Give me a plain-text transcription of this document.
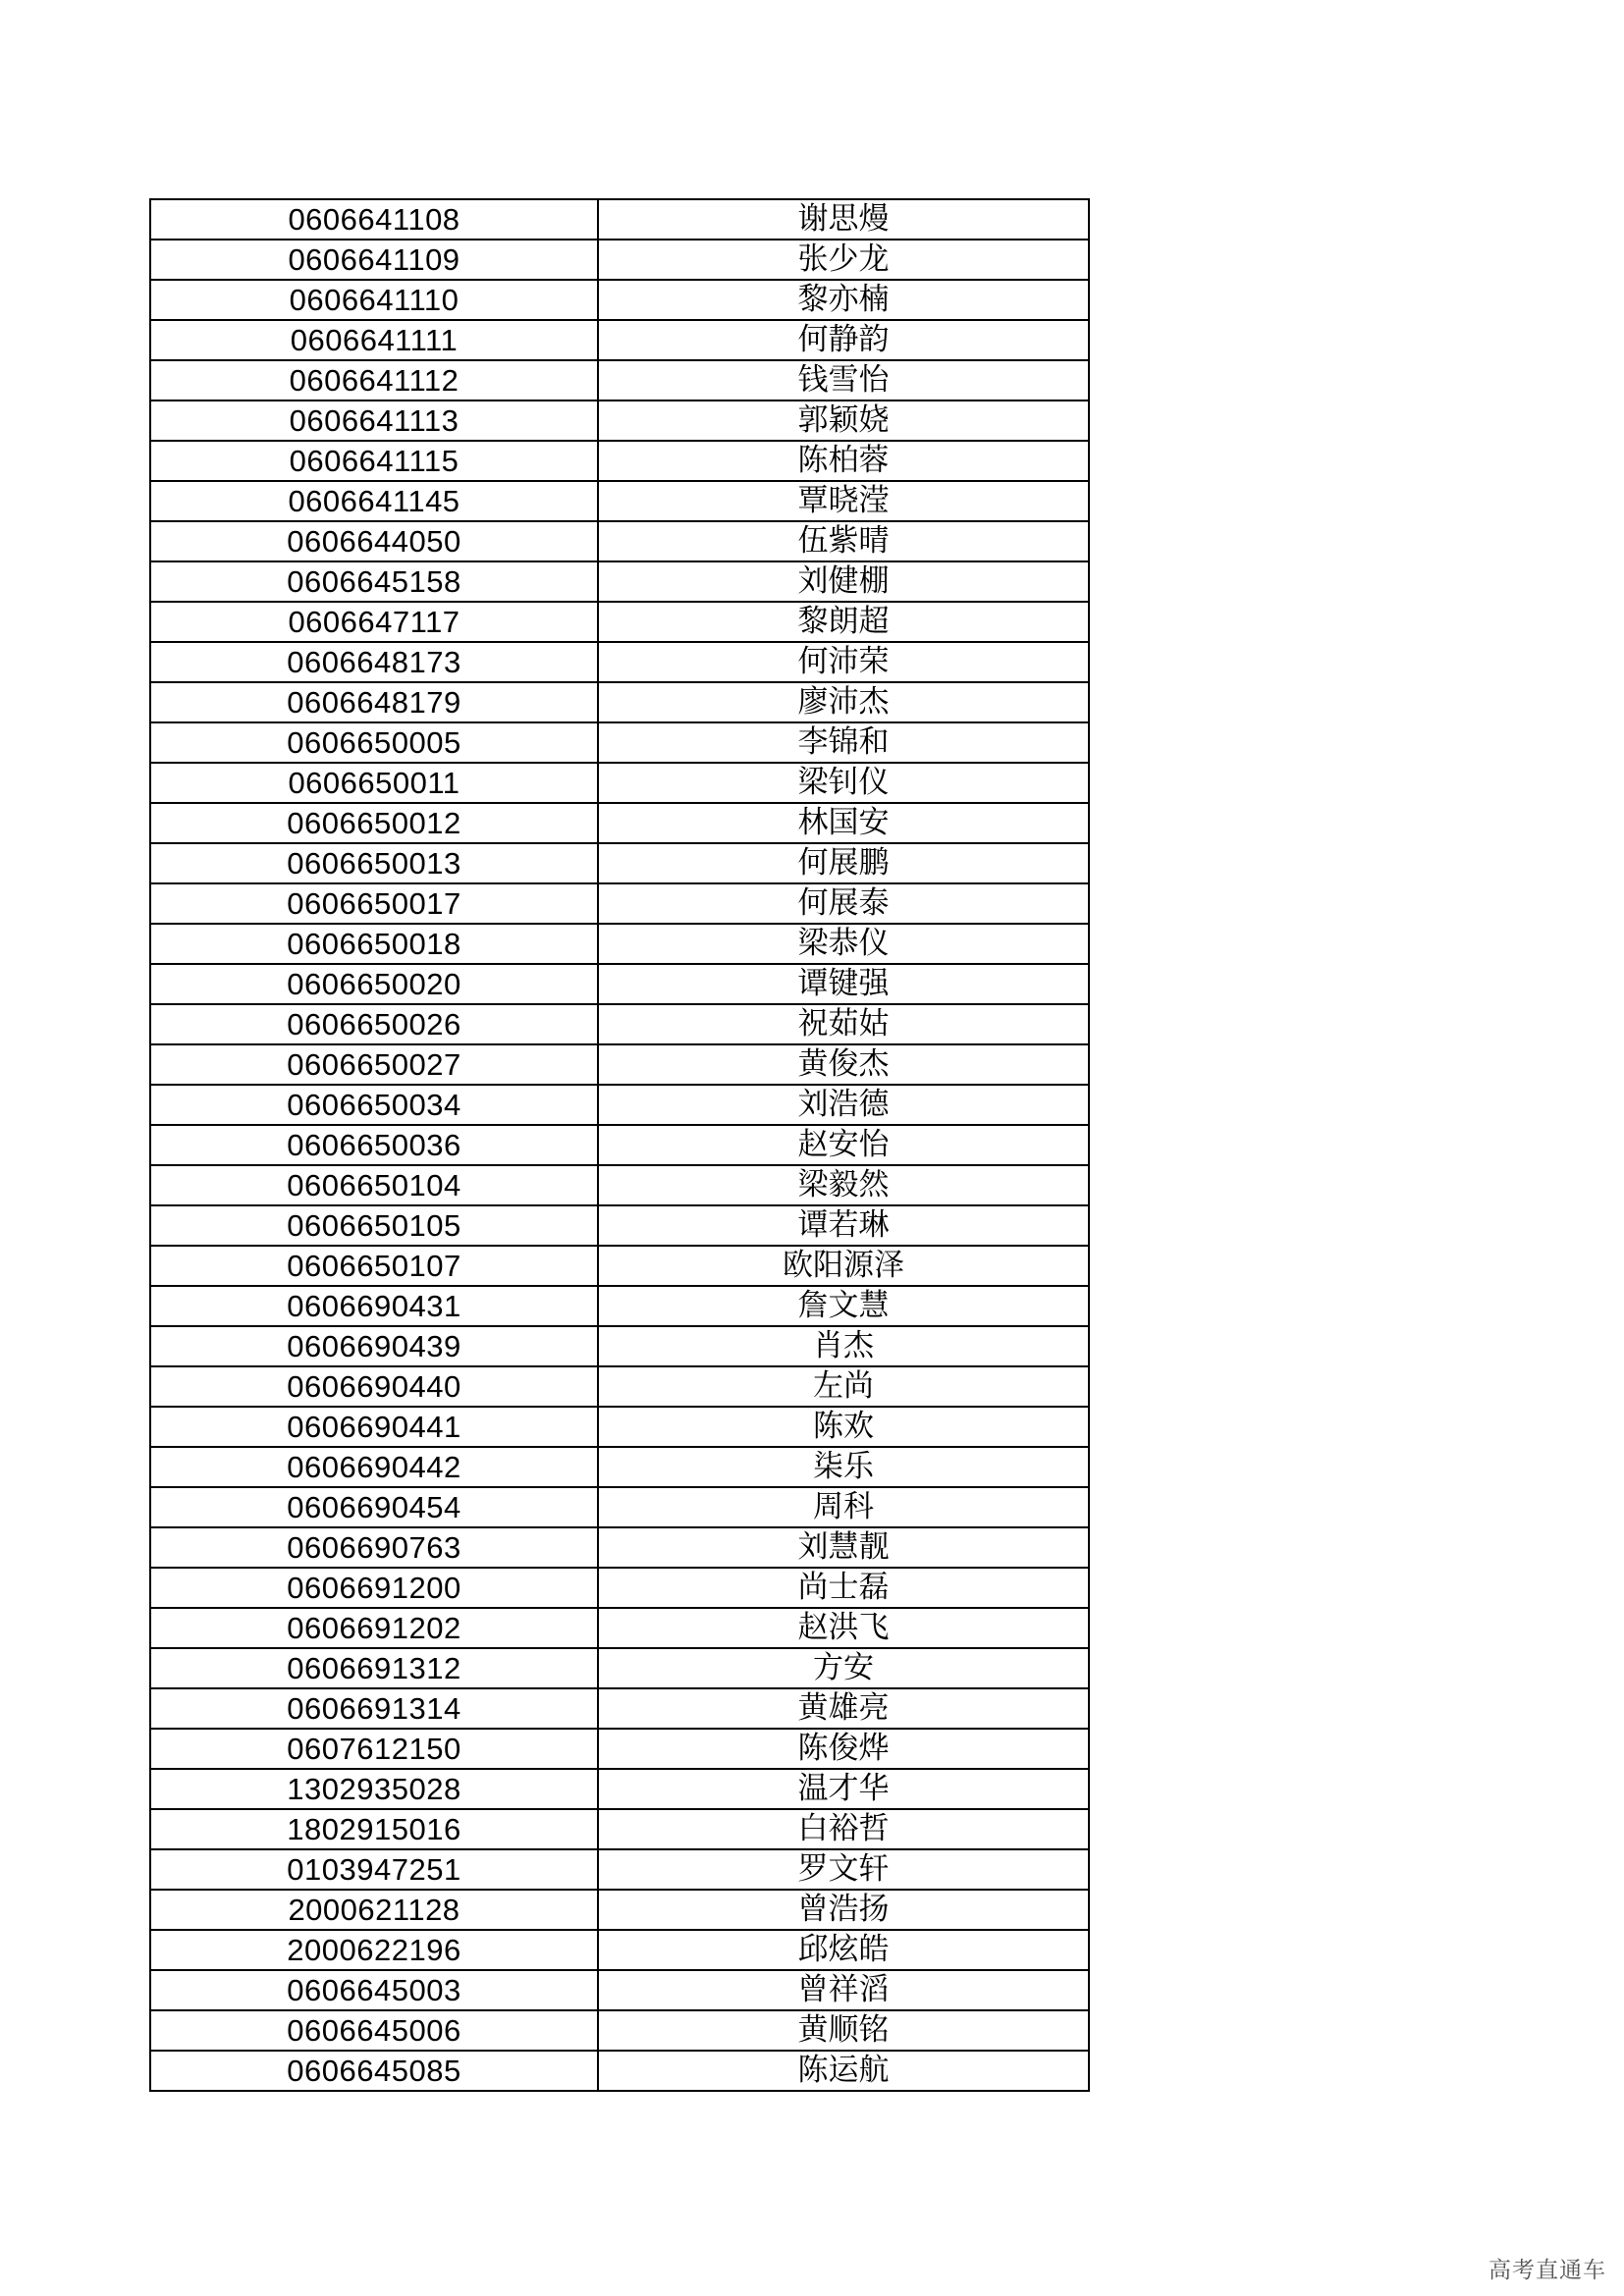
0606641108	谢思熳
0606641109	张少龙
0606641110	黎亦楠
0606641111	何静韵
0606641112	钱雪怡
0606641113	郭颖娆
0606641115	陈柏蓉
0606641145	覃晓滢
0606644050	伍紫晴
0606645158	刘健棚
0606647117	黎朗超
0606648173	何沛荣
0606648179	廖沛杰
0606650005	李锦和
0606650011	梁钊仪
0606650012	林国安
0606650013	何展鹏
0606650017	何展泰
0606650018	梁恭仪
0606650020	谭键强
0606650026	祝茹姑
0606650027	黄俊杰
0606650034	刘浩德
0606650036	赵安怡
0606650104	梁毅然
0606650105	谭若琳
0606650107	欧阳源泽
0606690431	詹文慧
0606690439	肖杰
0606690440	左尚
0606690441	陈欢
0606690442	柒乐
0606690454	周科
0606690763	刘慧靓
0606691200	尚士磊
0606691202	赵洪飞
0606691312	方安
0606691314	黄雄亮
0607612150	陈俊烨
1302935028	温才华
1802915016	白裕哲
0103947251	罗文轩
2000621128	曾浩扬
2000622196	邱炫皓
0606645003	曾祥滔
0606645006	黄顺铭
0606645085	陈运航
高考直通车
